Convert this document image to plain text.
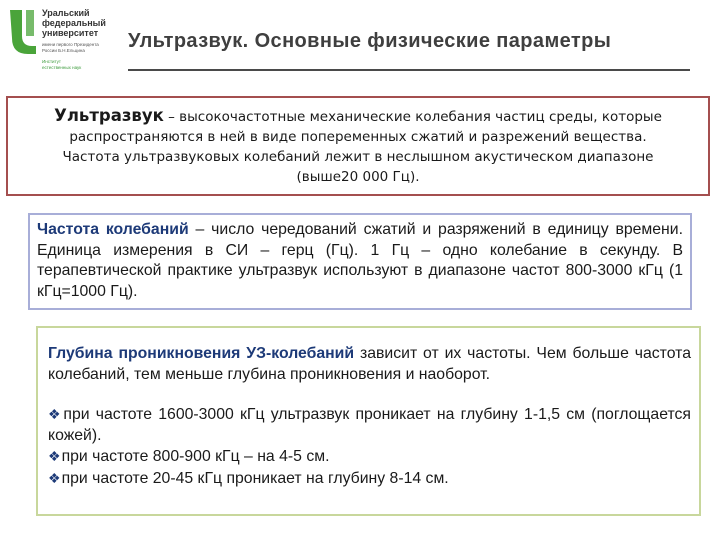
Уральский
федеральный
университет
имени первого Президента
России Б.Н.Ельцина
Институт
естественных наук
Ультразвук. Основные физические параметры
Ультразвук – высокочастотные механические колебания частиц среды, которые
распространяются в ней в виде попеременных сжатий и разрежений вещества.
Частота ультразвуковых колебаний лежит в неслышном акустическом диапазоне
(выше20 000 Гц).
Частота колебаний – число чередований сжатий и разряжений в единицу времени. Единица измерения в СИ – герц (Гц). 1 Гц – одно колебание в секунду. В терапевтической практике ультразвук используют в диапазоне частот 800-3000 кГц (1 кГц=1000 Гц).
Глубина проникновения УЗ-колебаний зависит от их частоты. Чем больше частота колебаний, тем меньше глубина проникновения и наоборот.
❖при частоте 1600-3000 кГц ультразвук проникает на глубину 1-1,5 см (поглощается кожей).
❖при частоте 800-900 кГц – на 4-5 см.
❖при частоте 20-45 кГц проникает на глубину 8-14 см.
